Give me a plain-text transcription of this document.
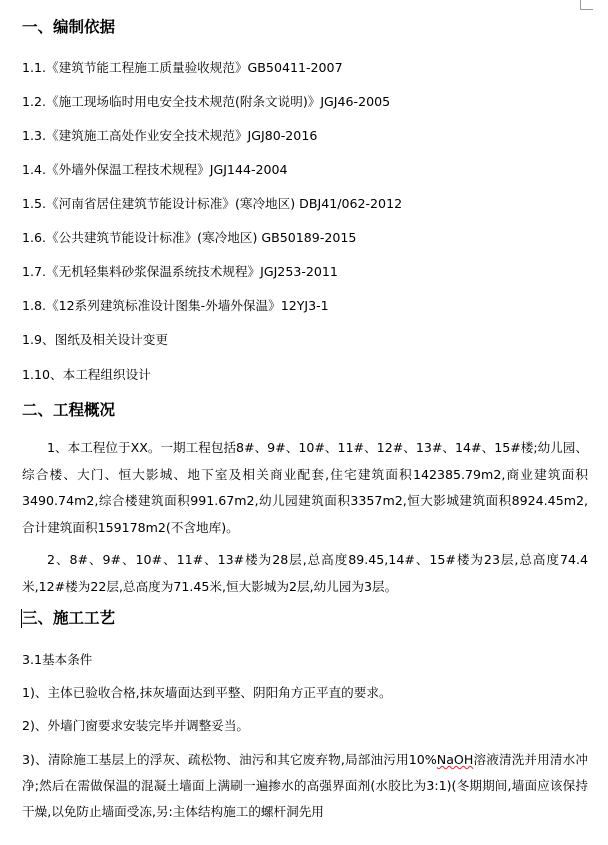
一、编制依据
1.1.《建筑节能工程施工质量验收规范》GB50411-2007
1.2.《施工现场临时用电安全技术规范(附条文说明)》JGJ46-2005
1.3.《建筑施工高处作业安全技术规范》JGJ80-2016
1.4.《外墙外保温工程技术规程》JGJ144-2004
1.5.《河南省居住建筑节能设计标准》(寒冷地区) DBJ41/062-2012
1.6.《公共建筑节能设计标准》(寒冷地区) GB50189-2015
1.7.《无机轻集料砂浆保温系统技术规程》JGJ253-2011
1.8.《12系列建筑标准设计图集-外墙外保温》12YJ3-1
1.9、图纸及相关设计变更
1.10、本工程组织设计
二、工程概况
1、本工程位于XX。一期工程包括8#、9#、10#、11#、12#、13#、14#、15#楼;幼儿园、综合楼、大门、恒大影城、地下室及相关商业配套,住宅建筑面积142385.79m2,商业建筑面积3490.74m2,综合楼建筑面积991.67m2,幼儿园建筑面积3357m2,恒大影城建筑面积8924.45m2,合计建筑面积159178m2(不含地库)。
2、8#、9#、10#、11#、13#楼为28层,总高度89.45,14#、15#楼为23层,总高度74.4米,12#楼为22层,总高度为71.45米,恒大影城为2层,幼儿园为3层。
三、施工工艺
3.1基本条件
1)、主体已验收合格,抹灰墙面达到平整、阴阳角方正平直的要求。
2)、外墙门窗要求安装完毕并调整妥当。
3)、清除施工基层上的浮灰、疏松物、油污和其它废弃物,局部油污用10%NaOH溶液清洗并用清水冲净;然后在需做保温的混凝土墙面上满刷一遍掺水的高强界面剂(水胶比为3:1)(冬期期间,墙面应该保持干燥,以免防止墙面受冻,另:主体结构施工的螺杆洞先用
